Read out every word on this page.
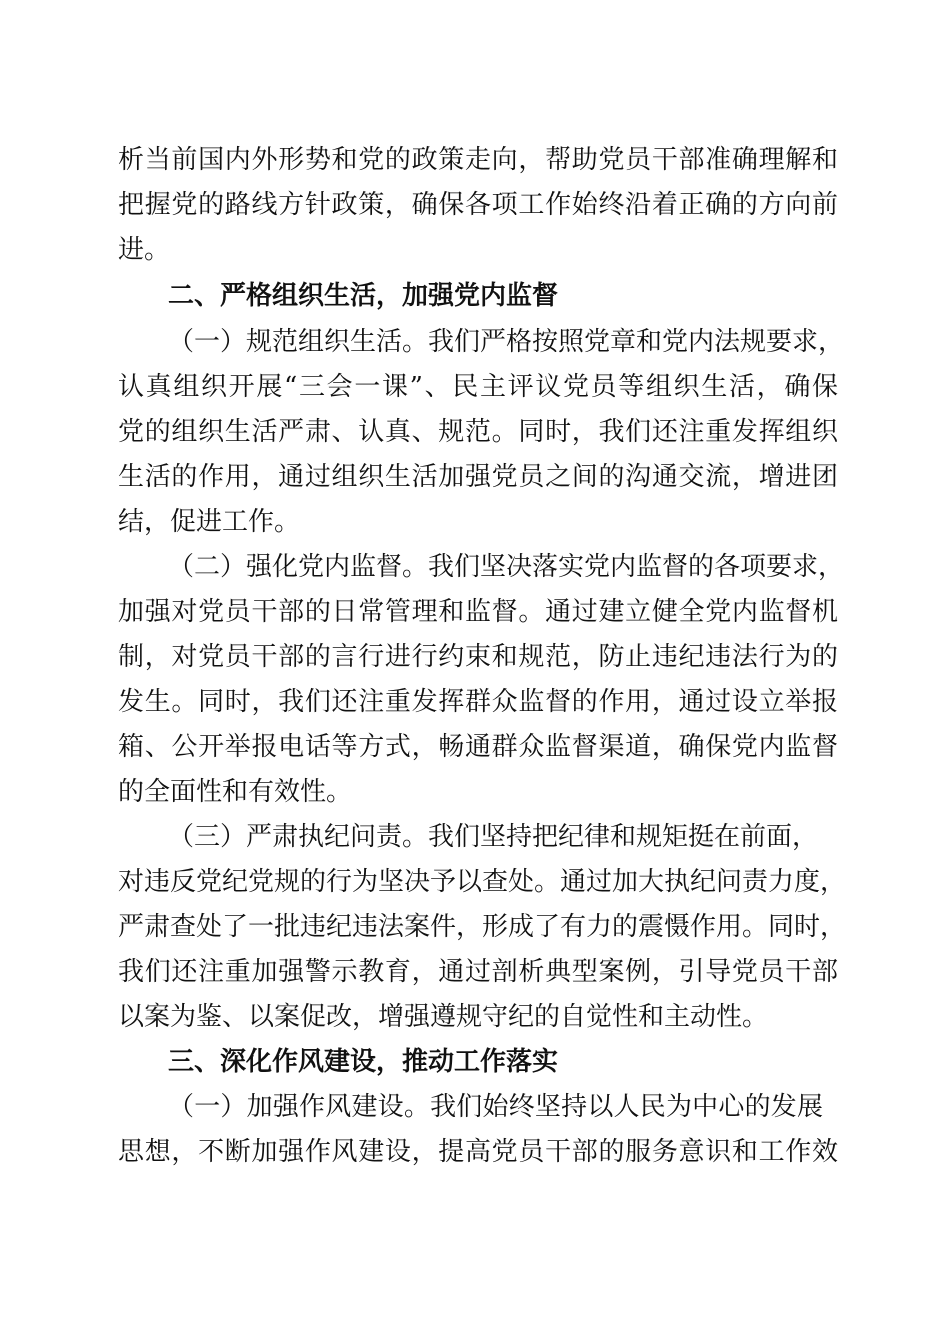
析当前国内外形势和党的政策走向，帮助党员干部准确理解和
把握党的路线方针政策，确保各项工作始终沿着正确的方向前
进。
二、严格组织生活，加强党内监督
（一）规范组织生活。我们严格按照党章和党内法规要求，
认真组织开展“三会一课”、民主评议党员等组织生活，确保
党的组织生活严肃、认真、规范。同时，我们还注重发挥组织
生活的作用，通过组织生活加强党员之间的沟通交流，增进团
结，促进工作。
（二）强化党内监督。我们坚决落实党内监督的各项要求，
加强对党员干部的日常管理和监督。通过建立健全党内监督机
制，对党员干部的言行进行约束和规范，防止违纪违法行为的
发生。同时，我们还注重发挥群众监督的作用，通过设立举报
箱、公开举报电话等方式，畅通群众监督渠道，确保党内监督
的全面性和有效性。
（三）严肃执纪问责。我们坚持把纪律和规矩挺在前面，
对违反党纪党规的行为坚决予以查处。通过加大执纪问责力度，
严肃查处了一批违纪违法案件，形成了有力的震慑作用。同时，
我们还注重加强警示教育，通过剖析典型案例，引导党员干部
以案为鉴、以案促改，增强遵规守纪的自觉性和主动性。
三、深化作风建设，推动工作落实
（一）加强作风建设。我们始终坚持以人民为中心的发展
思想，不断加强作风建设，提高党员干部的服务意识和工作效
